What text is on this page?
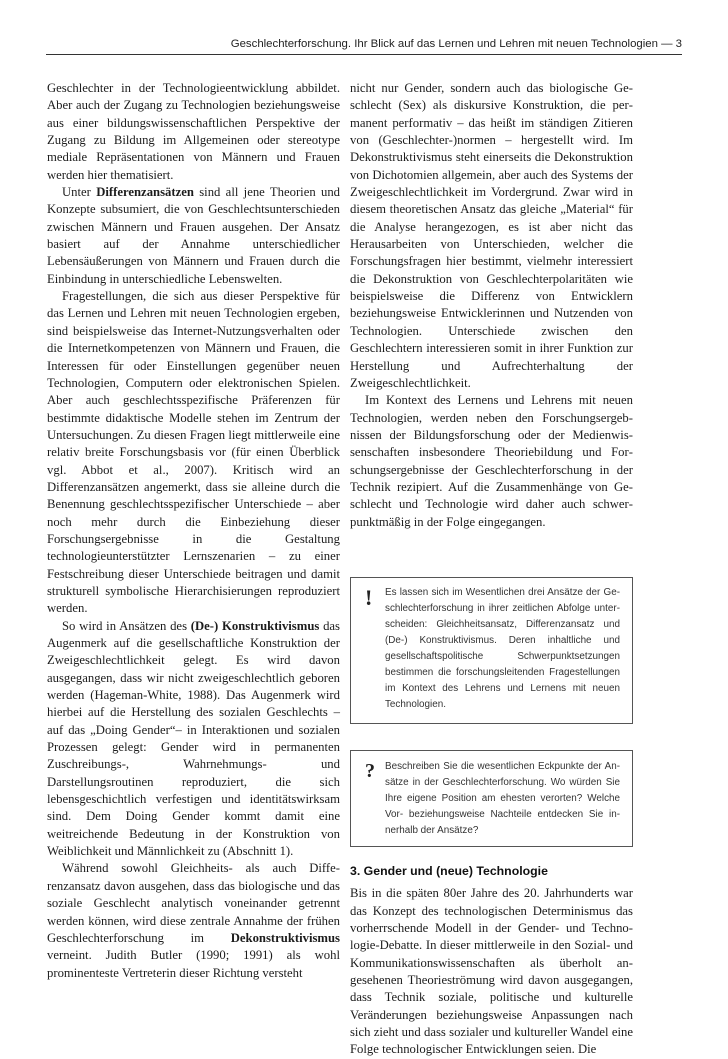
Geschlechterforschung. Ihr Blick auf das Lernen und Lehren mit neuen Technologien — 3

Geschlechter in der Technologieentwicklung abbildet. Aber auch der Zugang zu Technologien beziehungsweise aus einer bildungswissenschaftlichen Perspektive der Zugang zu Bildung im Allgemeinen oder stereotype mediale Repräsentationen von Männern und Frauen werden hier thematisiert.

Unter Differenzansätzen sind all jene Theorien und Konzepte subsumiert, die von Geschlechtsunterschieden zwischen Männern und Frauen ausgehen. Der Ansatz basiert auf der Annahme unterschiedlicher Lebensäußerungen von Männern und Frauen durch die Einbindung in unterschiedliche Lebenswelten.

Fragestellungen, die sich aus dieser Perspektive für das Lernen und Lehren mit neuen Technologien ergeben, sind beispielsweise das Internet-Nutzungsverhalten oder die Internetkompetenzen von Männern und Frauen, die Interessen für oder Einstellungen gegenüber neuen Technologien, Computern oder elektronischen Spielen. Aber auch geschlechtsspezifische Präferenzen für bestimmte didaktische Modelle stehen im Zentrum der Untersuchungen. Zu diesen Fragen liegt mittlerweile eine relativ breite Forschungsbasis vor (für einen Überblick vgl. Abbot et al., 2007). Kritisch wird an Differenzansätzen angemerkt, dass sie alleine durch die Benennung geschlechtsspezifischer Unterschiede – aber noch mehr durch die Einbeziehung dieser Forschungsergebnisse in die Gestaltung technologieunterstützter Lernszenarien – zu einer Festschreibung dieser Unterschiede beitragen und damit strukturell symbolische Hierarchisierungen reproduziert werden.

So wird in Ansätzen des (De-) Konstruktivismus das Augenmerk auf die gesellschaftliche Konstruktion der Zweigeschlechtlichkeit gelegt. Es wird davon ausgegangen, dass wir nicht zweigeschlechtlich geboren werden (Hageman-White, 1988). Das Augenmerk wird hierbei auf die Herstellung des sozialen Geschlechts – auf das „Doing Gender“– in Interaktionen und sozialen Prozessen gelegt: Gender wird in permanenten Zuschreibungs-, Wahrnehmungs- und Darstellungsroutinen reproduziert, die sich lebensgeschichtlich verfestigen und identitätswirksam sind. Dem Doing Gender kommt damit eine weitreichende Bedeutung in der Konstruktion von Weiblichkeit und Männlichkeit zu (Abschnitt 1).

Während sowohl Gleichheits- als auch Differenzansatz davon ausgehen, dass das biologische und das soziale Geschlecht analytisch voneinander getrennt werden können, wird diese zentrale Annahme der frühen Geschlechterforschung im Dekonstruktivismus verneint. Judith Butler (1990; 1991) als wohl prominenteste Vertreterin dieser Richtung versteht

nicht nur Gender, sondern auch das biologische Geschlecht (Sex) als diskursive Konstruktion, die permanent performativ – das heißt im ständigen Zitieren von (Geschlechter-)normen – hergestellt wird. Im Dekonstruktivismus steht einerseits die Dekonstruktion von Dichotomien allgemein, aber auch des Systems der Zweigeschlechtlichkeit im Vordergrund. Zwar wird in diesem theoretischen Ansatz das gleiche „Material“ für die Analyse herangezogen, es ist aber nicht das Herausarbeiten von Unterschieden, welcher die Forschungsfragen hier bestimmt, vielmehr interessiert die Dekonstruktion von Geschlechterpolaritäten wie beispielsweise die Differenz von Entwicklern beziehungsweise Entwicklerinnen und Nutzenden von Technologien. Unterschiede zwischen den Geschlechtern interessieren somit in ihrer Funktion zur Herstellung und Aufrechterhaltung der Zweigeschlechtlichkeit.

Im Kontext des Lernens und Lehrens mit neuen Technologien, werden neben den Forschungsergebnissen der Bildungsforschung oder der Medienwissenschaften insbesondere Theoriebildung und Forschungsergebnisse der Geschlechterforschung in der Technik rezipiert. Auf die Zusammenhänge von Geschlecht und Technologie wird daher auch schwerpunktmäßig in der Folge eingegangen.

! Es lassen sich im Wesentlichen drei Ansätze der Geschlechterforschung in ihrer zeitlichen Abfolge unterscheiden: Gleichheitsansatz, Differenzansatz und (De-) Konstruktivismus. Deren inhaltliche und gesellschaftspolitische Schwerpunktsetzungen bestimmen die forschungsleitenden Fragestellungen im Kontext des Lehrens und Lernens mit neuen Technologien.
? Beschreiben Sie die wesentlichen Eckpunkte der Ansätze in der Geschlechterforschung. Wo würden Sie Ihre eigene Position am ehesten verorten? Welche Vor- beziehungsweise Nachteile entdecken Sie innerhalb der Ansätze?
3. Gender und (neue) Technologie

Bis in die späten 80er Jahre des 20. Jahrhunderts war das Konzept des technologischen Determinismus das vorherrschende Modell in der Gender- und Technologie-Debatte. In dieser mittlerweile in den Sozial- und Kommunikationswissenschaften als überholt angesehenen Theorieströmung wird davon ausgegangen, dass Technik soziale, politische und kulturelle Veränderungen beziehungsweise Anpassungen nach sich zieht und dass sozialer und kultureller Wandel eine Folge technologischer Entwicklungen seien. Die
